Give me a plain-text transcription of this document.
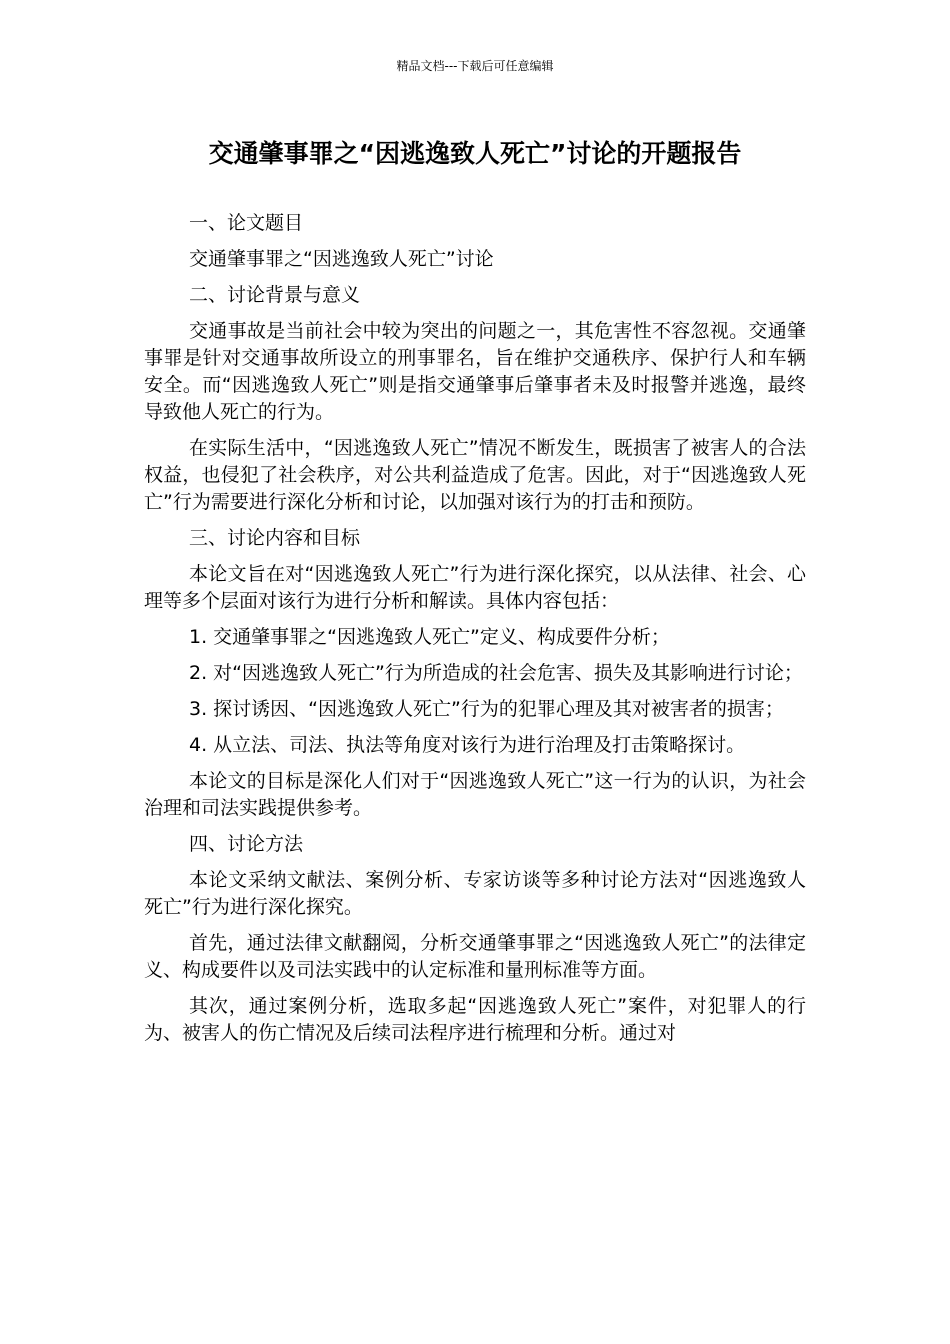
精品文档---下载后可任意编辑
交通肇事罪之“因逃逸致人死亡”讨论的开题报告

一、论文题目

交通肇事罪之“因逃逸致人死亡”讨论

二、讨论背景与意义

交通事故是当前社会中较为突出的问题之一，其危害性不容忽视。交通肇事罪是针对交通事故所设立的刑事罪名，旨在维护交通秩序、保护行人和车辆安全。而“因逃逸致人死亡”则是指交通肇事后肇事者未及时报警并逃逸，最终导致他人死亡的行为。

在实际生活中，“因逃逸致人死亡”情况不断发生，既损害了被害人的合法权益，也侵犯了社会秩序，对公共利益造成了危害。因此，对于“因逃逸致人死亡”行为需要进行深化分析和讨论，以加强对该行为的打击和预防。

三、讨论内容和目标

本论文旨在对“因逃逸致人死亡”行为进行深化探究，以从法律、社会、心理等多个层面对该行为进行分析和解读。具体内容包括：

1. 交通肇事罪之“因逃逸致人死亡”定义、构成要件分析；

2. 对“因逃逸致人死亡”行为所造成的社会危害、损失及其影响进行讨论；

3. 探讨诱因、“因逃逸致人死亡”行为的犯罪心理及其对被害者的损害；

4. 从立法、司法、执法等角度对该行为进行治理及打击策略探讨。

本论文的目标是深化人们对于“因逃逸致人死亡”这一行为的认识，为社会治理和司法实践提供参考。

四、讨论方法

本论文采纳文献法、案例分析、专家访谈等多种讨论方法对“因逃逸致人死亡”行为进行深化探究。

首先，通过法律文献翻阅，分析交通肇事罪之“因逃逸致人死亡”的法律定义、构成要件以及司法实践中的认定标准和量刑标准等方面。

其次，通过案例分析，选取多起“因逃逸致人死亡”案件，对犯罪人的行为、被害人的伤亡情况及后续司法程序进行梳理和分析。通过对
